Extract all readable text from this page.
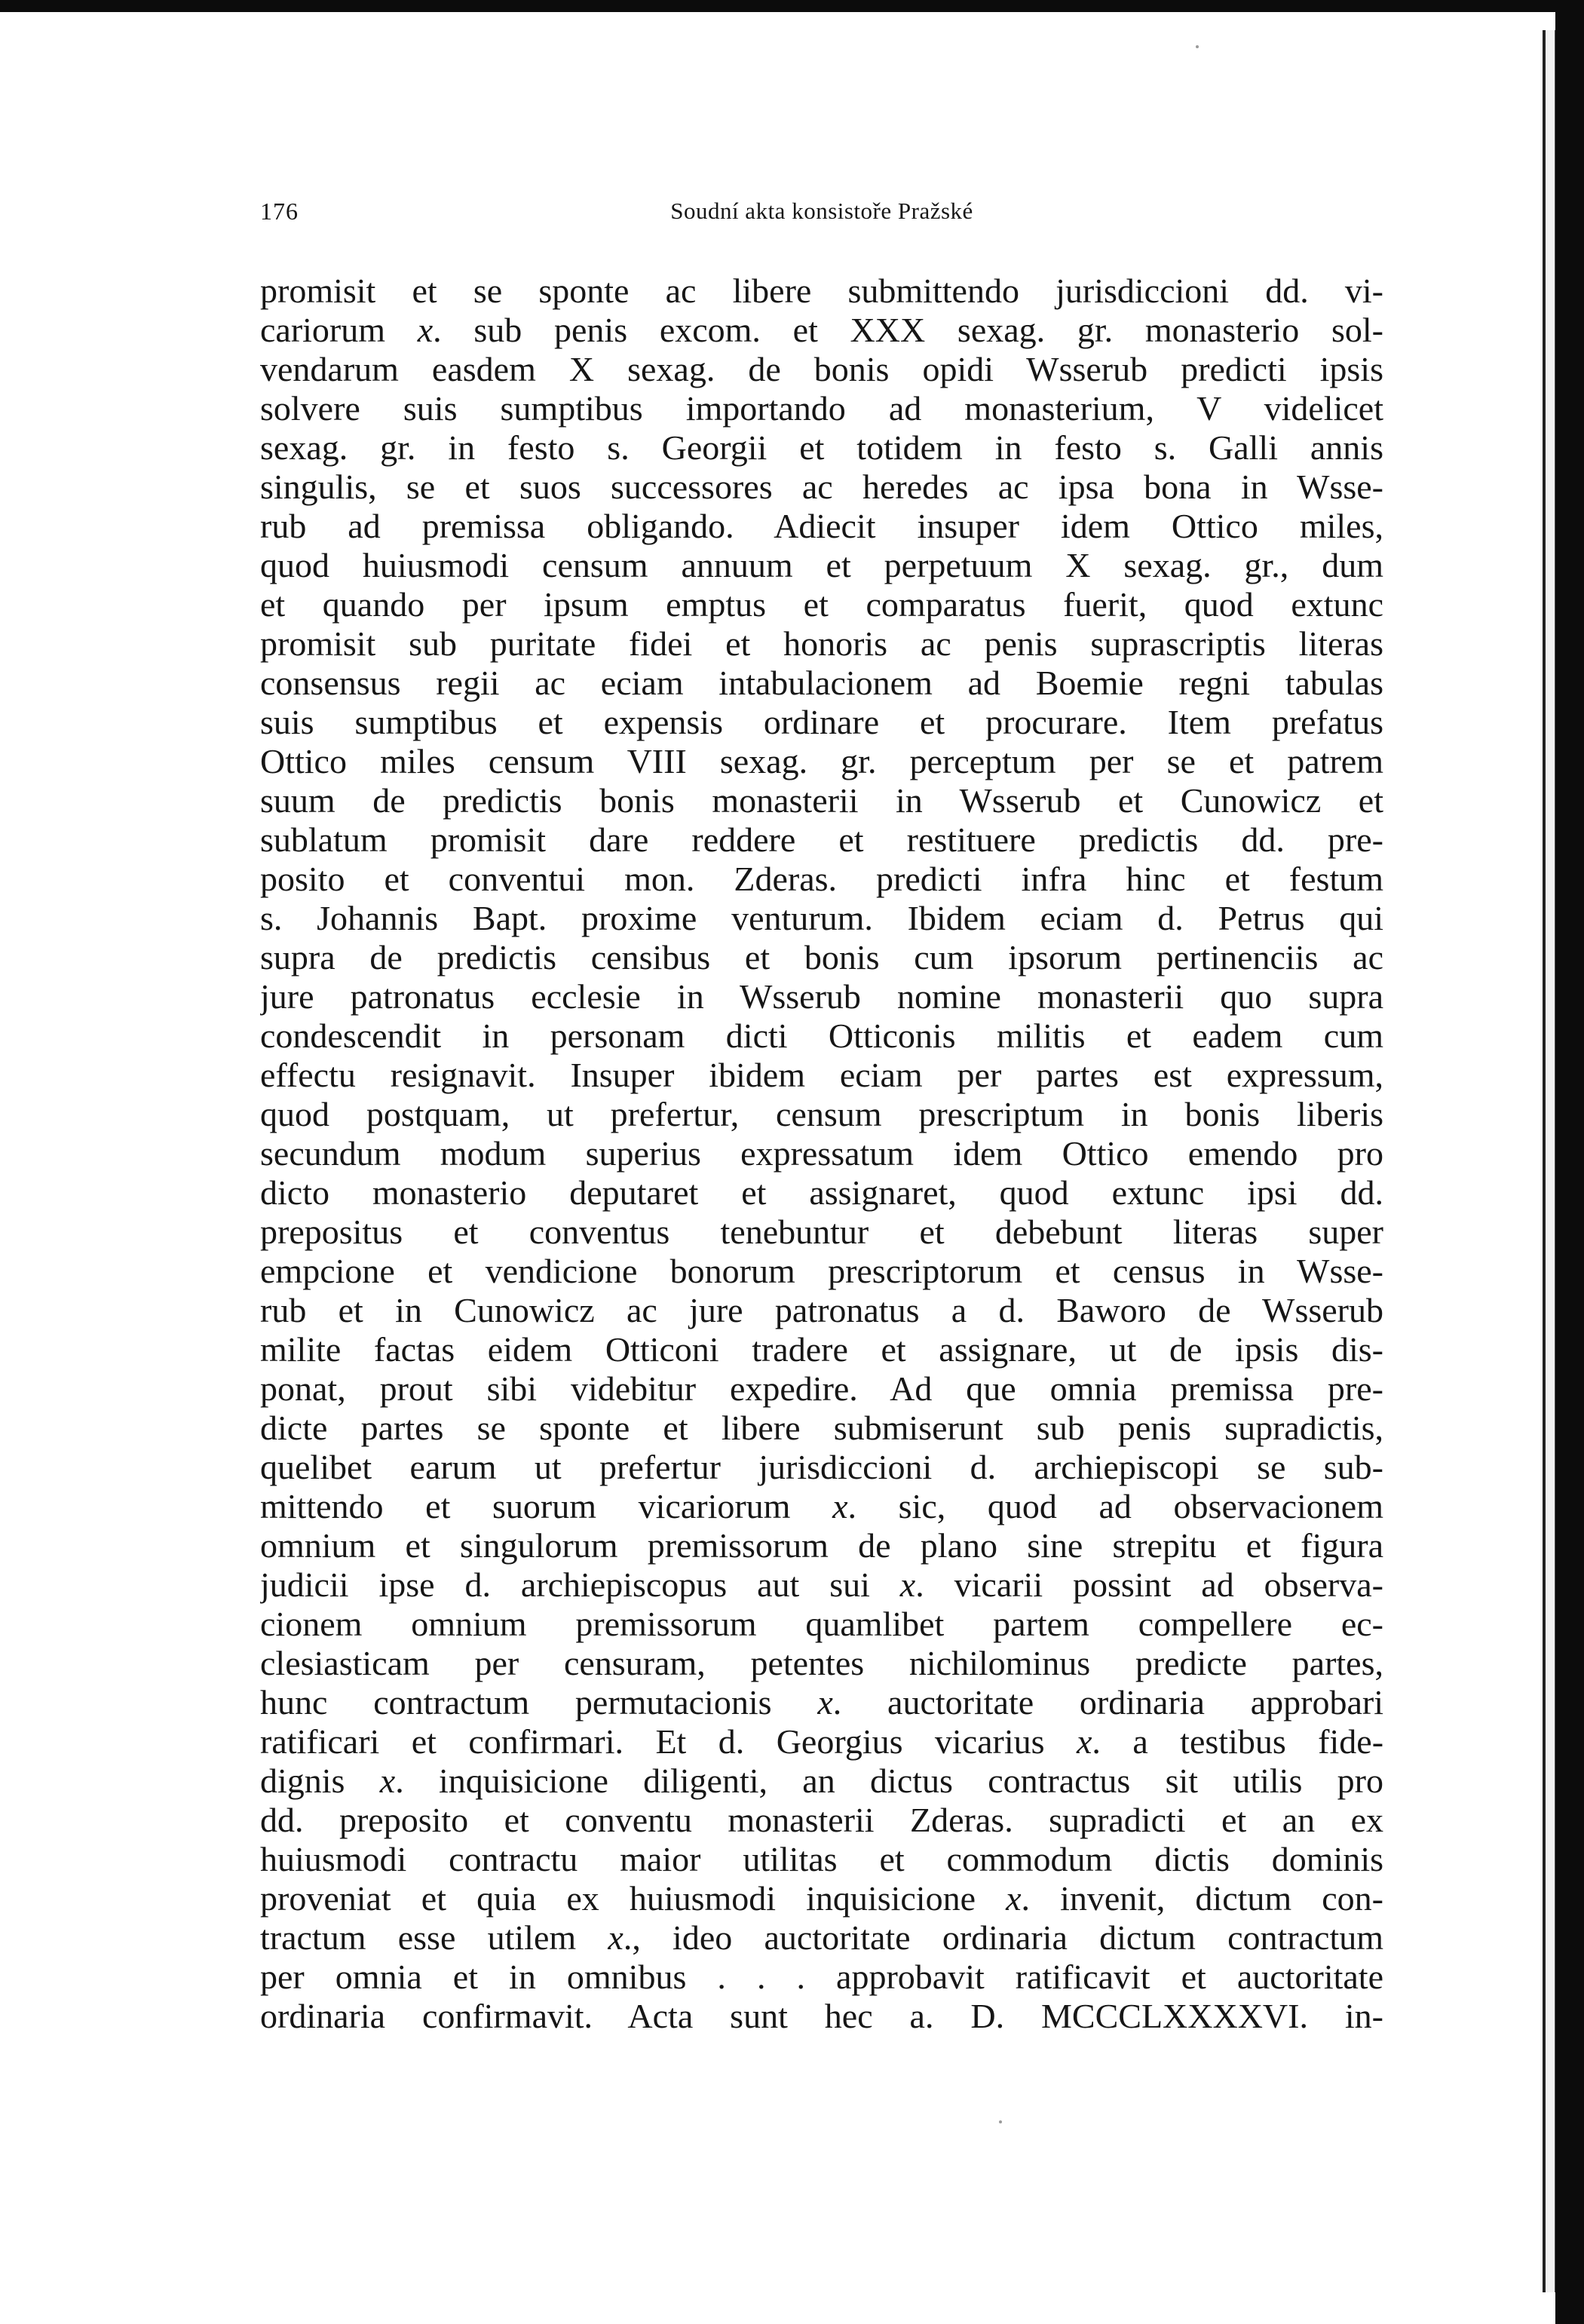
176	Soudní akta konsistoře Pražské
promisit et se sponte ac libere submittendo jurisdiccioni dd. vi-
cariorum x. sub penis excom. et XXX sexag. gr. monasterio sol-
vendarum easdem X sexag. de bonis opidi Wsserub predicti ipsis
solvere suis sumptibus importando ad monasterium, V videlicet
sexag. gr. in festo s. Georgii et totidem in festo s. Galli annis
singulis, se et suos successores ac heredes ac ipsa bona in Wsse-
rub ad premissa obligando. Adiecit insuper idem Ottico miles,
quod huiusmodi censum annuum et perpetuum X sexag. gr., dum
et quando per ipsum emptus et comparatus fuerit, quod extunc
promisit sub puritate fidei et honoris ac penis suprascriptis literas
consensus regii ac eciam intabulacionem ad Boemie regni tabulas
suis sumptibus et expensis ordinare et procurare. Item prefatus
Ottico miles censum VIII sexag. gr. perceptum per se et patrem
suum de predictis bonis monasterii in Wsserub et Cunowicz et
sublatum promisit dare reddere et restituere predictis dd. pre-
posito et conventui mon. Zderas. predicti infra hinc et festum
s. Johannis Bapt. proxime venturum. Ibidem eciam d. Petrus qui
supra de predictis censibus et bonis cum ipsorum pertinenciis ac
jure patronatus ecclesie in Wsserub nomine monasterii quo supra
condescendit in personam dicti Otticonis militis et eadem cum
effectu resignavit. Insuper ibidem eciam per partes est expressum,
quod postquam, ut prefertur, censum prescriptum in bonis liberis
secundum modum superius expressatum idem Ottico emendo pro
dicto monasterio deputaret et assignaret, quod extunc ipsi dd.
prepositus et conventus tenebuntur et debebunt literas super
empcione et vendicione bonorum prescriptorum et census in Wsse-
rub et in Cunowicz ac jure patronatus a d. Baworo de Wsserub
milite factas eidem Otticoni tradere et assignare, ut de ipsis dis-
ponat, prout sibi videbitur expedire. Ad que omnia premissa pre-
dicte partes se sponte et libere submiserunt sub penis supradictis,
quelibet earum ut prefertur jurisdiccioni d. archiepiscopi se sub-
mittendo et suorum vicariorum x. sic, quod ad observacionem
omnium et singulorum premissorum de plano sine strepitu et figura
judicii ipse d. archiepiscopus aut sui x. vicarii possint ad observa-
cionem omnium premissorum quamlibet partem compellere ec-
clesiasticam per censuram, petentes nichilominus predicte partes,
hunc contractum permutacionis x. auctoritate ordinaria approbari
ratificari et confirmari. Et d. Georgius vicarius x. a testibus fide-
dignis x. inquisicione diligenti, an dictus contractus sit utilis pro
dd. preposito et conventu monasterii Zderas. supradicti et an ex
huiusmodi contractu maior utilitas et commodum dictis dominis
proveniat et quia ex huiusmodi inquisicione x. invenit, dictum con-
tractum esse utilem x., ideo auctoritate ordinaria dictum contractum
per omnia et in omnibus . . . approbavit ratificavit et auctoritate
ordinaria confirmavit. Acta sunt hec a. D. MCCCLXXXXVI. in-
